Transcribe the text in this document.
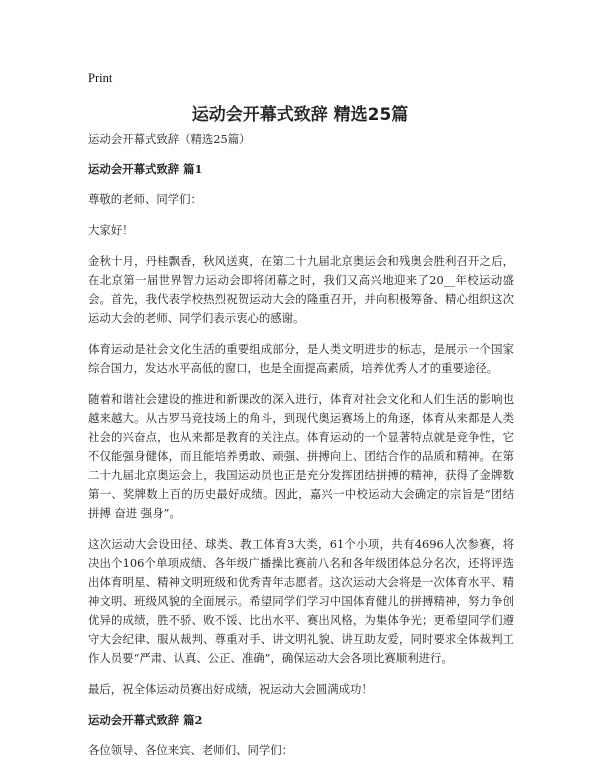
Print
运动会开幕式致辞 精选25篇

运动会开幕式致辞（精选25篇）

运动会开幕式致辞 篇1

尊敬的老师、同学们：

大家好！

金秋十月，丹桂飘香，秋风送爽，在第二十九届北京奥运会和残奥会胜利召开之后，在北京第一届世界智力运动会即将闭幕之时，我们又高兴地迎来了20__年校运动盛会。首先，我代表学校热烈祝贺运动大会的隆重召开，并向积极筹备、精心组织这次运动大会的老师、同学们表示衷心的感谢。

体育运动是社会文化生活的重要组成部分，是人类文明进步的标志，是展示一个国家综合国力，发达水平高低的窗口，也是全面提高素质，培养优秀人才的重要途径。

随着和谐社会建设的推进和新课改的深入进行，体育对社会文化和人们生活的影响也越来越大。从古罗马竞技场上的角斗，到现代奥运赛场上的角逐，体育从来都是人类社会的兴奋点，也从来都是教育的关注点。体育运动的一个显著特点就是竞争性，它不仅能强身健体，而且能培养勇敢、顽强、拼搏向上、团结合作的品质和精神。在第二十九届北京奥运会上，我国运动员也正是充分发挥团结拼搏的精神，获得了金牌数第一、奖牌数上百的历史最好成绩。因此，嘉兴一中校运动大会确定的宗旨是“团结 拼搏 奋进 强身”。

这次运动大会设田径、球类、教工体育3大类，61个小项，共有4696人次参赛，将决出个106个单项成绩、各年级广播操比赛前八名和各年级团体总分名次，还将评选出体育明星、精神文明班级和优秀青年志愿者。这次运动大会将是一次体育水平、精神文明、班级风貌的全面展示。希望同学们学习中国体育健儿的拼搏精神，努力争创优异的成绩，胜不骄、败不馁、比出水平、赛出风格，为集体争光；更希望同学们遵守大会纪律、服从裁判、尊重对手、讲文明礼貌、讲互助友爱，同时要求全体裁判工作人员要“严肃、认真、公正、准确”，确保运动大会各项比赛顺利进行。

最后，祝全体运动员赛出好成绩，祝运动大会圆满成功！

运动会开幕式致辞 篇2

各位领导、各位来宾、老师们、同学们：
